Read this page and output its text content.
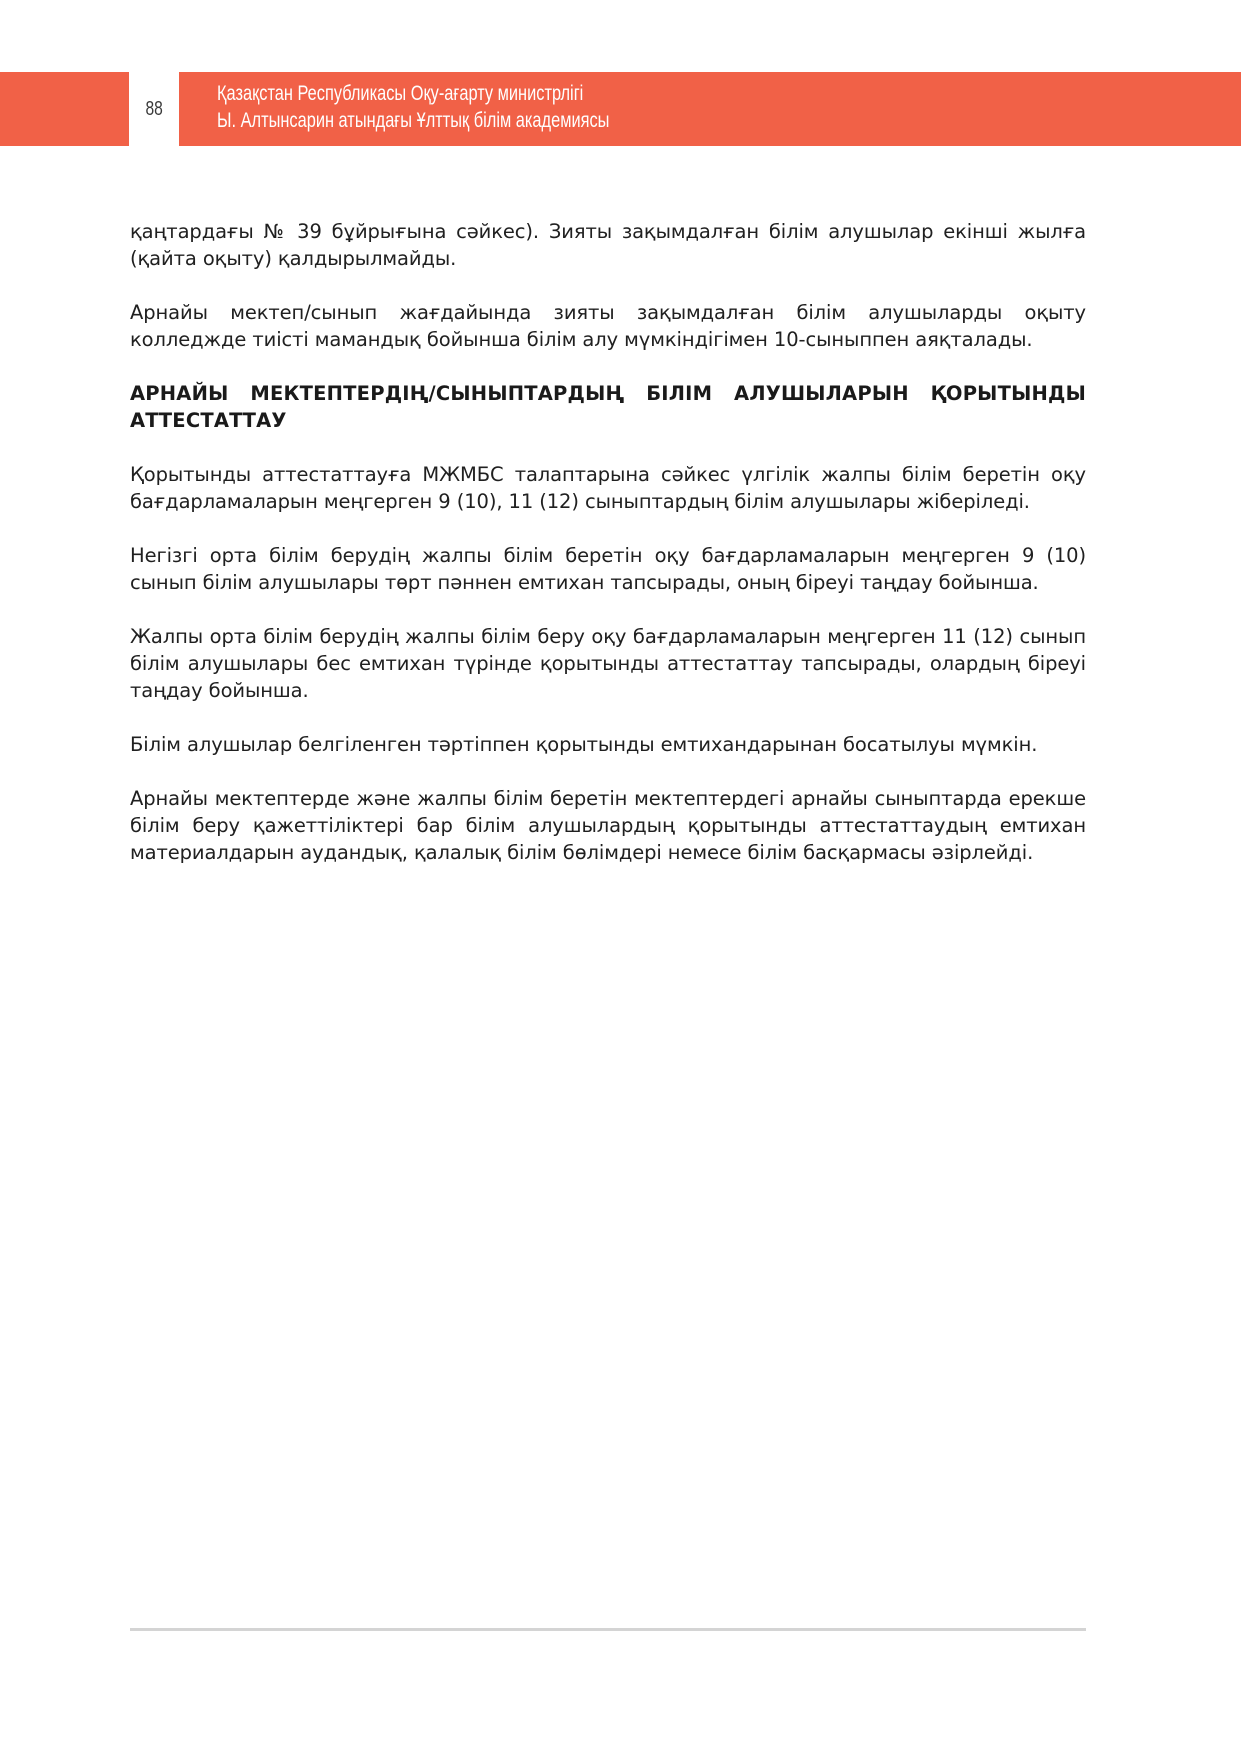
88
Қазақстан Республикасы Оқу-ағарту министрлігі
Ы. Алтынсарин атындағы Ұлттық білім академиясы

қаңтардағы № 39 бұйрығына сәйкес). Зияты зақымдалған білім алушылар екінші жылға (қайта оқыту) қалдырылмайды.

Арнайы мектеп/сынып жағдайында зияты зақымдалған білім алушыларды оқыту колледжде тиісті мамандық бойынша білім алу мүмкіндігімен 10-сыныппен аяқталады.

АРНАЙЫ МЕКТЕПТЕРДІҢ/СЫНЫПТАРДЫҢ БІЛІМ АЛУШЫЛАРЫН ҚОРЫТЫНДЫ АТТЕСТАТТАУ

Қорытынды аттестаттауға МЖМБС талаптарына сәйкес үлгілік жалпы білім беретін оқу бағдарламаларын меңгерген 9 (10), 11 (12) сыныптардың білім алушылары жіберіледі.

Негізгі орта білім берудің жалпы білім беретін оқу бағдарламаларын меңгерген 9 (10) сынып білім алушылары төрт пәннен емтихан тапсырады, оның біреуі таңдау бойынша.

Жалпы орта білім берудің жалпы білім беру оқу бағдарламаларын меңгерген 11 (12) сынып білім алушылары бес емтихан түрінде қорытынды аттестаттау тапсырады, олардың біреуі таңдау бойынша.

Білім алушылар белгіленген тәртіппен қорытынды емтихандарынан босатылуы мүмкін.

Арнайы мектептерде және жалпы білім беретін мектептердегі арнайы сыныптарда ерекше білім беру қажеттіліктері бар білім алушылардың қорытынды аттестаттаудың емтихан материалдарын аудандық, қалалық білім бөлімдері немесе білім басқармасы әзірлейді.
